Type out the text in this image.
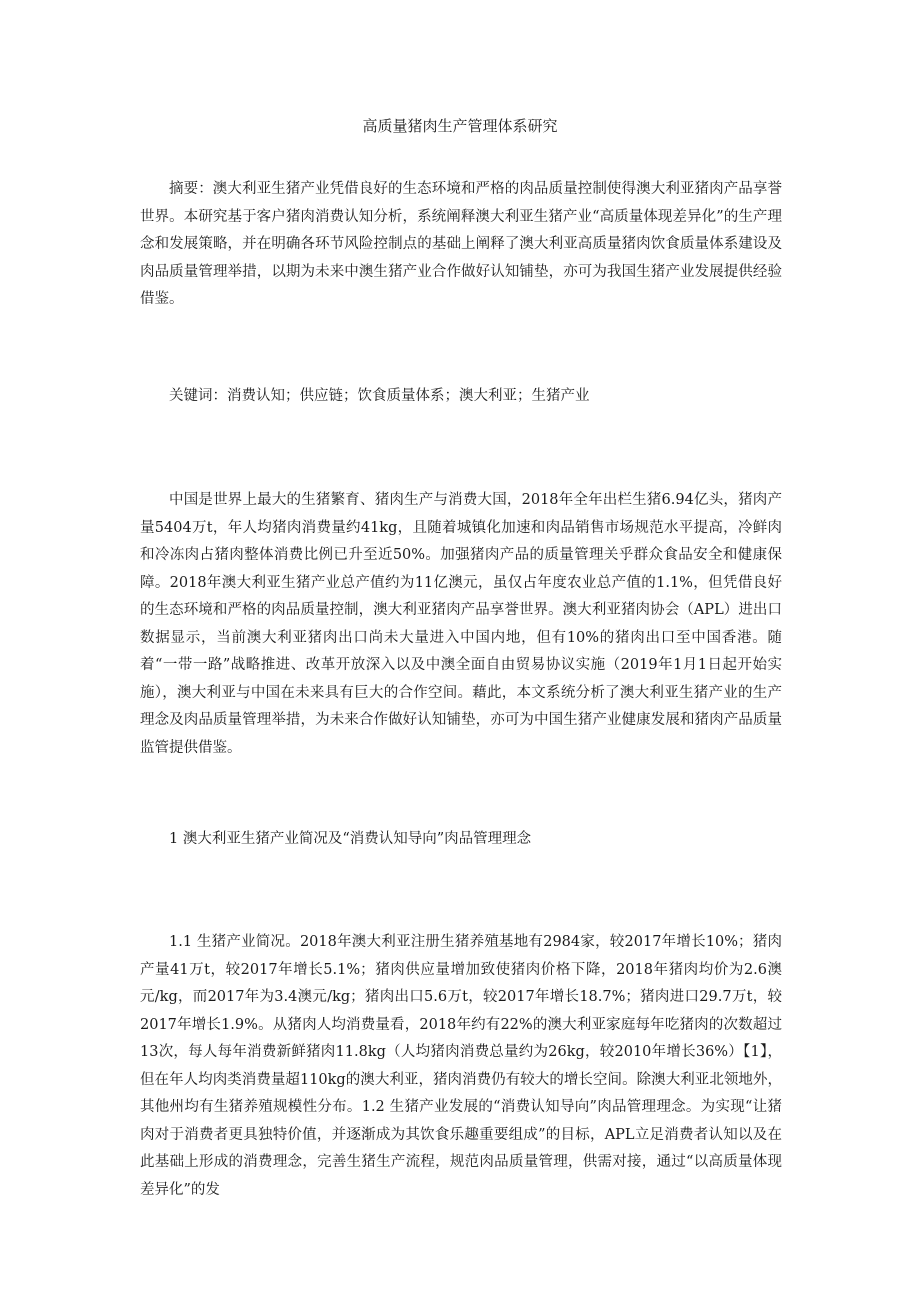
高质量猪肉生产管理体系研究

摘要：澳大利亚生猪产业凭借良好的生态环境和严格的肉品质量控制使得澳大利亚猪肉产品享誉世界。本研究基于客户猪肉消费认知分析，系统阐释澳大利亚生猪产业“高质量体现差异化”的生产理念和发展策略，并在明确各环节风险控制点的基础上阐释了澳大利亚高质量猪肉饮食质量体系建设及肉品质量管理举措，以期为未来中澳生猪产业合作做好认知铺垫，亦可为我国生猪产业发展提供经验借鉴。

关键词：消费认知；供应链；饮食质量体系；澳大利亚；生猪产业

中国是世界上最大的生猪繁育、猪肉生产与消费大国，2018年全年出栏生猪6.94亿头，猪肉产量5404万t，年人均猪肉消费量约41kg，且随着城镇化加速和肉品销售市场规范水平提高，冷鲜肉和冷冻肉占猪肉整体消费比例已升至近50%。加强猪肉产品的质量管理关乎群众食品安全和健康保障。2018年澳大利亚生猪产业总产值约为11亿澳元，虽仅占年度农业总产值的1.1%，但凭借良好的生态环境和严格的肉品质量控制，澳大利亚猪肉产品享誉世界。澳大利亚猪肉协会（APL）进出口数据显示，当前澳大利亚猪肉出口尚未大量进入中国内地，但有10%的猪肉出口至中国香港。随着“一带一路”战略推进、改革开放深入以及中澳全面自由贸易协议实施（2019年1月1日起开始实施），澳大利亚与中国在未来具有巨大的合作空间。藉此，本文系统分析了澳大利亚生猪产业的生产理念及肉品质量管理举措，为未来合作做好认知铺垫，亦可为中国生猪产业健康发展和猪肉产品质量监管提供借鉴。

1 澳大利亚生猪产业简况及“消费认知导向”肉品管理理念

1.1 生猪产业简况。2018年澳大利亚注册生猪养殖基地有2984家，较2017年增长10%；猪肉产量41万t，较2017年增长5.1%；猪肉供应量增加致使猪肉价格下降，2018年猪肉均价为2.6澳元/kg，而2017年为3.4澳元/kg；猪肉出口5.6万t，较2017年增长18.7%；猪肉进口29.7万t，较2017年增长1.9%。从猪肉人均消费量看，2018年约有22%的澳大利亚家庭每年吃猪肉的次数超过13次，每人每年消费新鲜猪肉11.8kg（人均猪肉消费总量约为26kg，较2010年增长36%）【1】，但在年人均肉类消费量超110kg的澳大利亚，猪肉消费仍有较大的增长空间。除澳大利亚北领地外，其他州均有生猪养殖规模性分布。1.2 生猪产业发展的“消费认知导向”肉品管理理念。为实现“让猪肉对于消费者更具独特价值，并逐渐成为其饮食乐趣重要组成”的目标，APL立足消费者认知以及在此基础上形成的消费理念，完善生猪生产流程，规范肉品质量管理，供需对接，通过“以高质量体现差异化”的发
